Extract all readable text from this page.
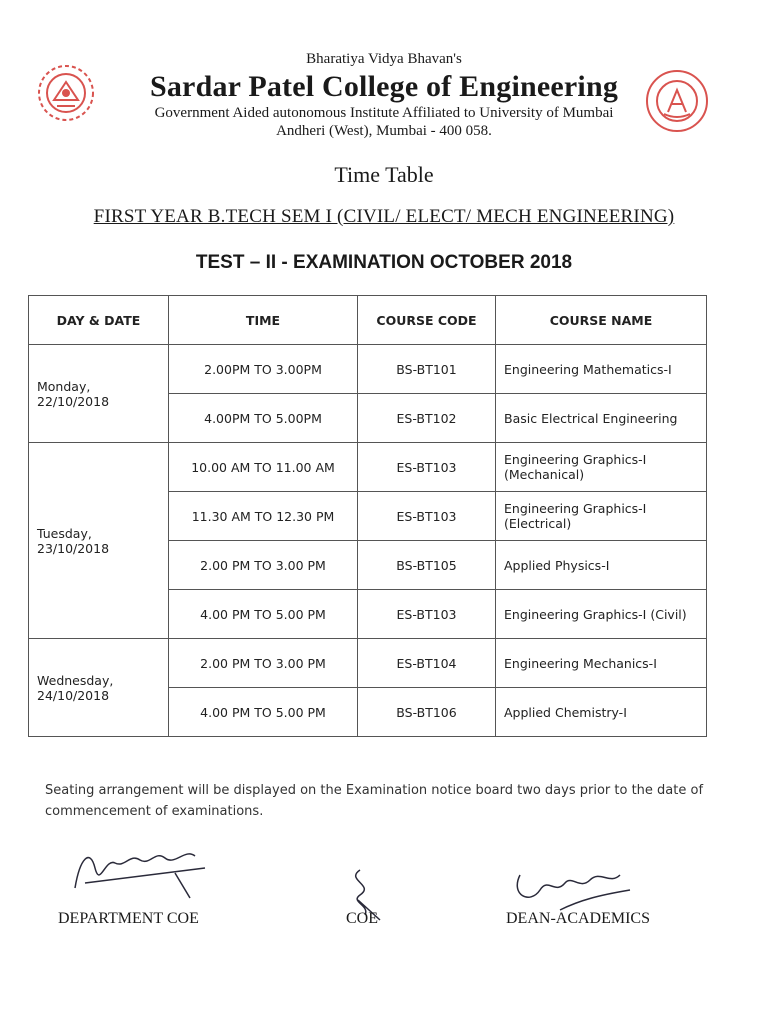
Bharatiya Vidya Bhavan's
Sardar Patel College of Engineering
Government Aided autonomous Institute Affiliated to University of Mumbai
Andheri (West), Mumbai - 400 058.
Time Table
FIRST YEAR B.TECH SEM I (CIVIL/ ELECT/ MECH ENGINEERING)
TEST – II - EXAMINATION OCTOBER 2018
DAY & DATE	TIME	COURSE CODE	COURSE NAME
Monday,
22/10/2018	2.00PM TO 3.00PM	BS-BT101	Engineering Mathematics-I
	4.00PM TO 5.00PM	ES-BT102	Basic Electrical Engineering
Tuesday,
23/10/2018	10.00 AM TO 11.00 AM	ES-BT103	Engineering Graphics-I (Mechanical)
	11.30 AM TO 12.30 PM	ES-BT103	Engineering Graphics-I (Electrical)
	2.00 PM TO 3.00 PM	BS-BT105	Applied Physics-I
	4.00 PM TO 5.00 PM	ES-BT103	Engineering Graphics-I (Civil)
Wednesday,
24/10/2018	2.00 PM TO 3.00 PM	ES-BT104	Engineering Mechanics-I
	4.00 PM TO 5.00 PM	BS-BT106	Applied Chemistry-I
Seating arrangement will be displayed on the Examination notice board two days prior to the date of commencement of examinations.
DEPARTMENT COE	COE	DEAN-ACADEMICS
